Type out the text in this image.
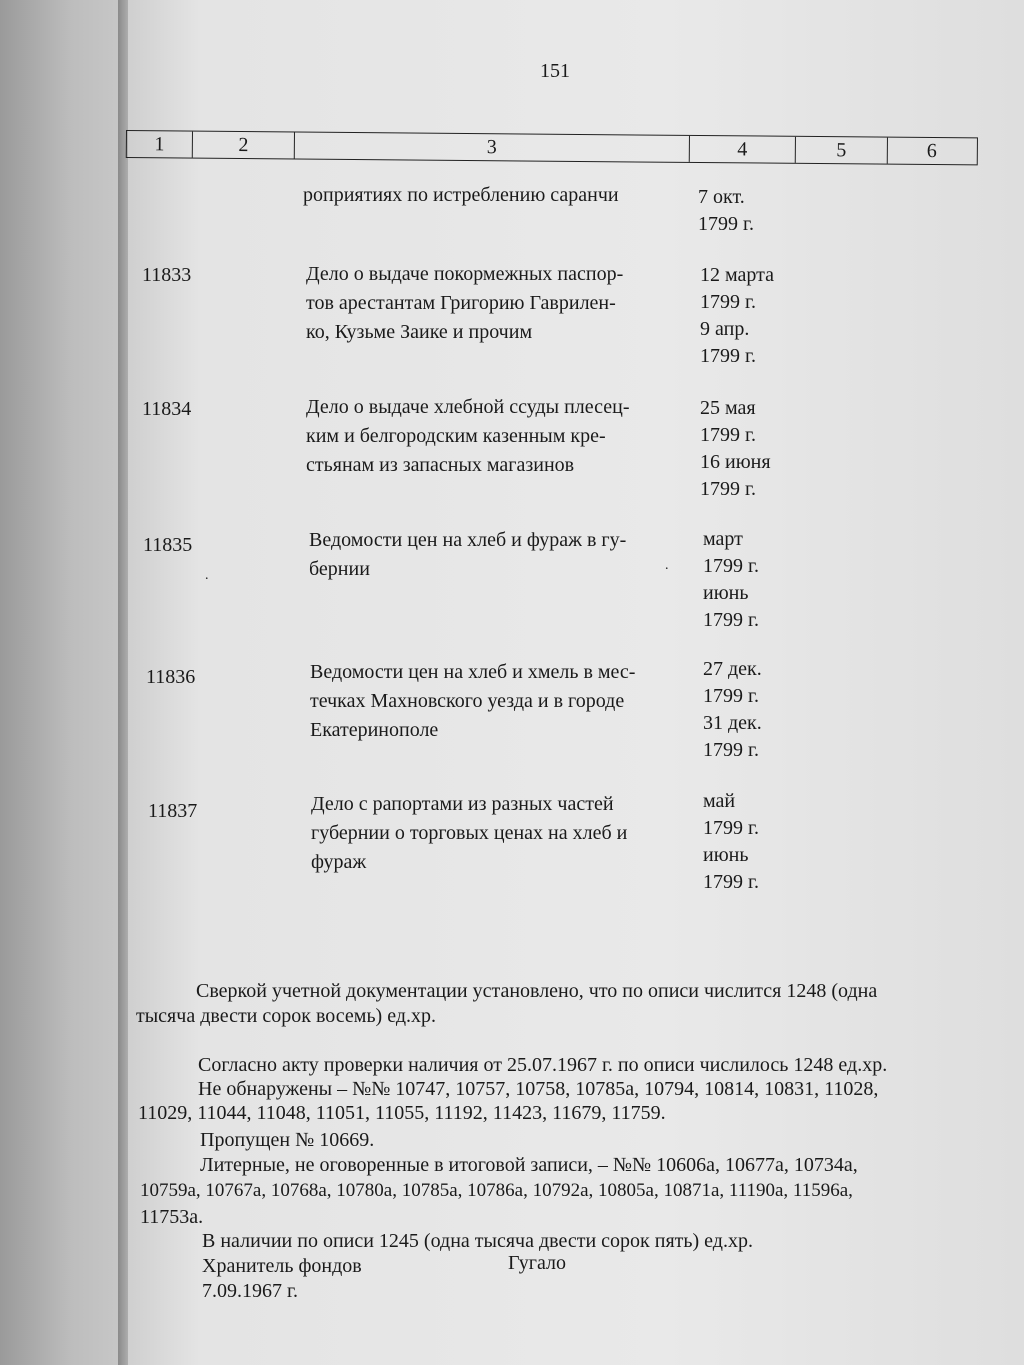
151
1	2	3	4	5	6
роприятиях по истреблению саранчи	7 окт.
1799 г.
11833	Дело о выдаче покормежных паспор-
тов арестантам Григорию Гаврилен-
ко, Кузьме Заике и прочим
12 марта
1799 г.
9 апр.
1799 г.
11834	Дело о выдаче хлебной ссуды плесец-
ким и белгородским казенным кре-
стьянам из запасных магазинов
25 мая
1799 г.
16 июня
1799 г.
11835	Ведомости цен на хлеб и фураж в гу-
бернии
март
1799 г.
июнь
1799 г.
.
.
11836	Ведомости цен на хлеб и хмель в мес-
течках Махновского уезда и в городе
Екатеринополе
27 дек.
1799 г.
31 дек.
1799 г.
11837	Дело с рапортами из разных частей
губернии о торговых ценах на хлеб и
фураж
май
1799 г.
июнь
1799 г.
Сверкой учетной документации установлено, что по описи числится 1248 (одна
тысяча двести сорок восемь) ед.хр.
Согласно акту проверки наличия от 25.07.1967 г. по описи числилось 1248 ед.хр.
Не обнаружены – №№ 10747, 10757, 10758, 10785а, 10794, 10814, 10831, 11028,
11029, 11044, 11048, 11051, 11055, 11192, 11423, 11679, 11759.
Пропущен № 10669.
Литерные, не оговоренные в итоговой записи, – №№ 10606а, 10677а, 10734а,
10759а, 10767а, 10768а, 10780а, 10785а, 10786а, 10792а, 10805а, 10871а, 11190а, 11596а,
11753а.
В наличии по описи 1245 (одна тысяча двести сорок пять) ед.хр.
Хранитель фондов	Гугало
7.09.1967 г.
